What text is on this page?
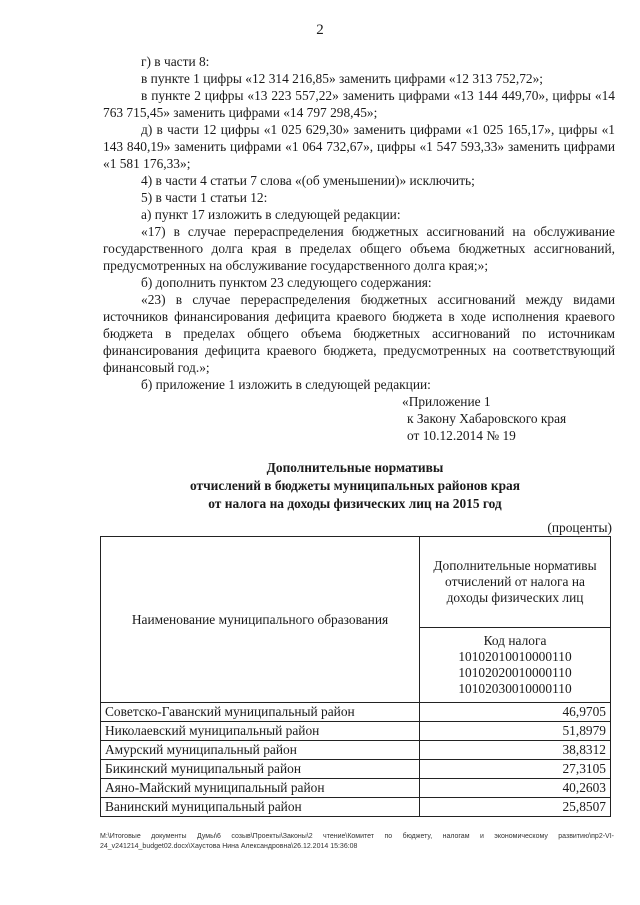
2

г) в части 8:

в пункте 1 цифры «12 314 216,85» заменить цифрами «12 313 752,72»;

в пункте 2 цифры «13 223 557,22» заменить цифрами «13 144 449,70», цифры «14 763 715,45» заменить цифрами «14 797 298,45»;

д) в части 12 цифры «1 025 629,30» заменить цифрами «1 025 165,17», цифры «1 143 840,19» заменить цифрами «1 064 732,67», цифры «1 547 593,33» заменить цифрами «1 581 176,33»;

4) в части 4 статьи 7 слова «(об уменьшении)» исключить;

5) в части 1 статьи 12:

а) пункт 17 изложить в следующей редакции:

«17) в случае перераспределения бюджетных ассигнований на обслуживание государственного долга края в пределах общего объема бюджетных ассигнований, предусмотренных на обслуживание государственного долга края;»;

б) дополнить пунктом 23 следующего содержания:

«23) в случае перераспределения бюджетных ассигнований между видами источников финансирования дефицита краевого бюджета в ходе исполнения краевого бюджета в пределах общего объема бюджетных ассигнований по источникам финансирования дефицита краевого бюджета, предусмотренных на соответствующий финансовый год.»;

б) приложение 1 изложить в следующей редакции:

«Приложение 1
к Закону Хабаровского края
от 10.12.2014 № 19
Дополнительные нормативы
отчислений в бюджеты муниципальных районов края
от налога на доходы физических лиц на 2015 год
(проценты)
Наименование муниципального образования	Дополнительные нормативы отчислений от налога на доходы физических лиц

	Код налога
10102010010000110
10102020010000110
10102030010000110

Советско-Гаванский муниципальный район	46,9705
Николаевский муниципальный район	51,8979
Амурский муниципальный район	38,8312
Бикинский муниципальный район	27,3105
Аяно-Майский муниципальный район	40,2603
Ванинский муниципальный район	25,8507
M:\Итоговые документы Думы\6 созыв\Проекты\Законы\2 чтение\Комитет по бюджету, налогам и экономическому развитию\пр2-VI-24_v241214_budget02.docx\Хаустова Нина Александровна\26.12.2014 15:36:08
